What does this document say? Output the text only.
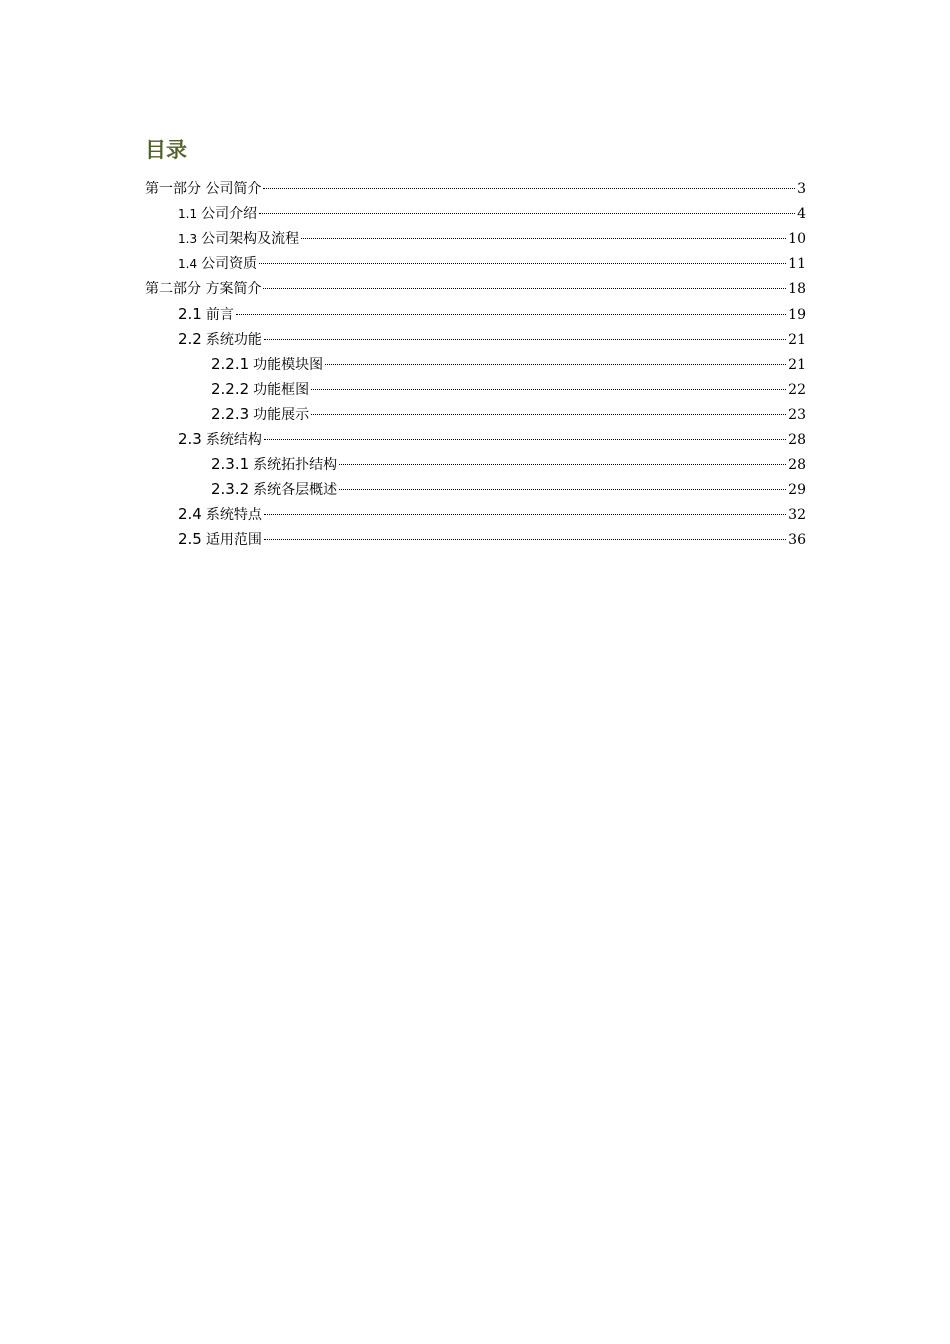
目录
第一部分 公司简介	3
1.1 公司介绍	4
1.3 公司架构及流程	10
1.4 公司资质	11
第二部分 方案简介	18
2.1 前言	19
2.2 系统功能	21
2.2.1 功能模块图	21
2.2.2 功能框图	22
2.2.3 功能展示	23
2.3 系统结构	28
2.3.1 系统拓扑结构	28
2.3.2 系统各层概述	29
2.4 系统特点	32
2.5 适用范围	36
